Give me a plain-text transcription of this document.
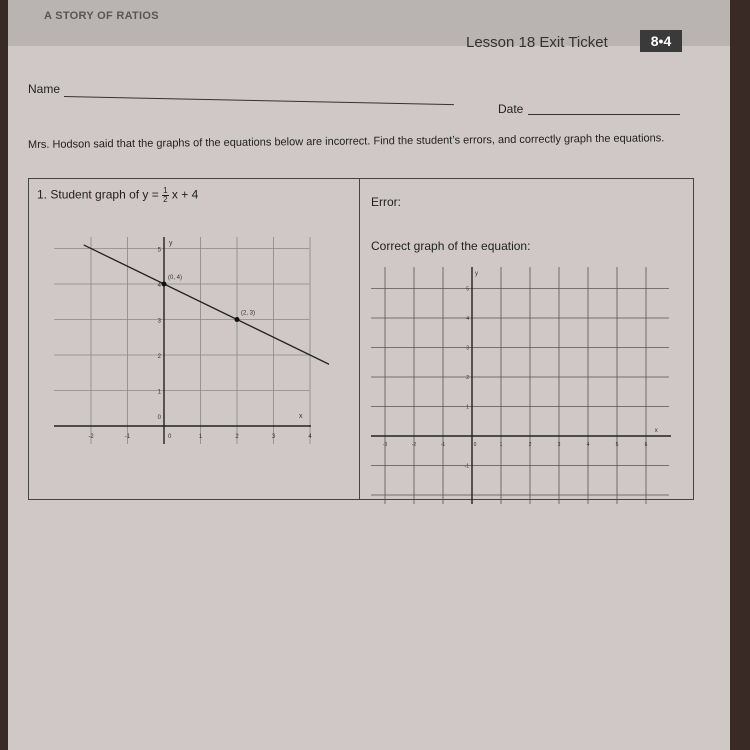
A STORY OF RATIOS
Lesson 18 Exit Ticket	8•4
Name
Date
Mrs. Hodson said that the graphs of the equations below are incorrect. Find the student’s errors, and correctly graph the equations.
1. Student graph of $y = \frac{1}{2}$ x + 4
Error:
Correct graph of the equation:
-2	-1	1	2	3	4
0
1
2
3
4
5
0	x
y
(0, 4)
(2, 3)
-3	-2	-1	0	1	2	3	4	5	6
-1
1
2
3
4
5
x
y
